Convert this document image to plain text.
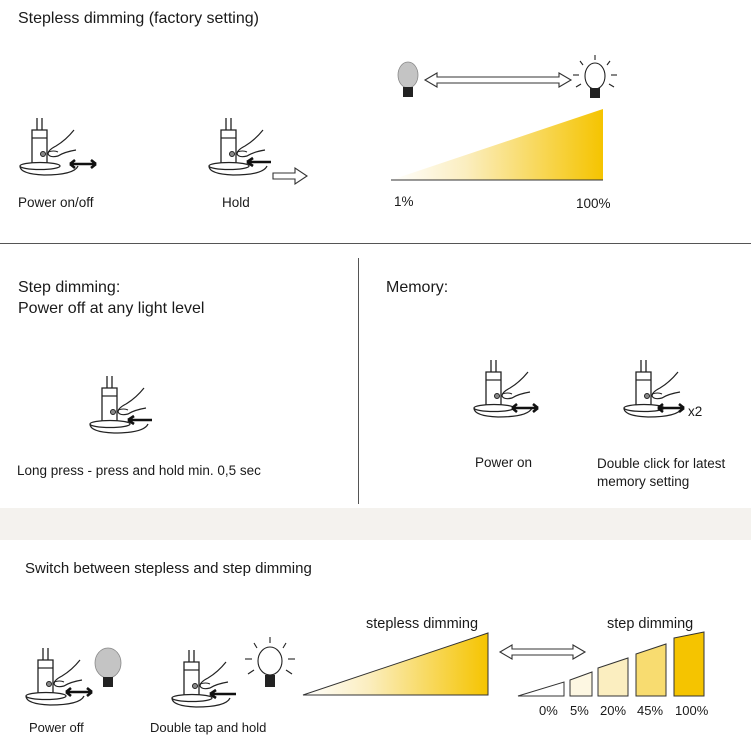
Stepless dimming (factory setting)
Power on/off	Hold	1%	100%
Step dimming:
Power off at any light level
Long press - press and hold min. 0,5 sec
Memory:
Power on
x2
Double click for latest
memory setting
Switch between stepless and step dimming
Power off	Double tap and hold
stepless dimming	step dimming
0% 5% 20% 45% 100%
